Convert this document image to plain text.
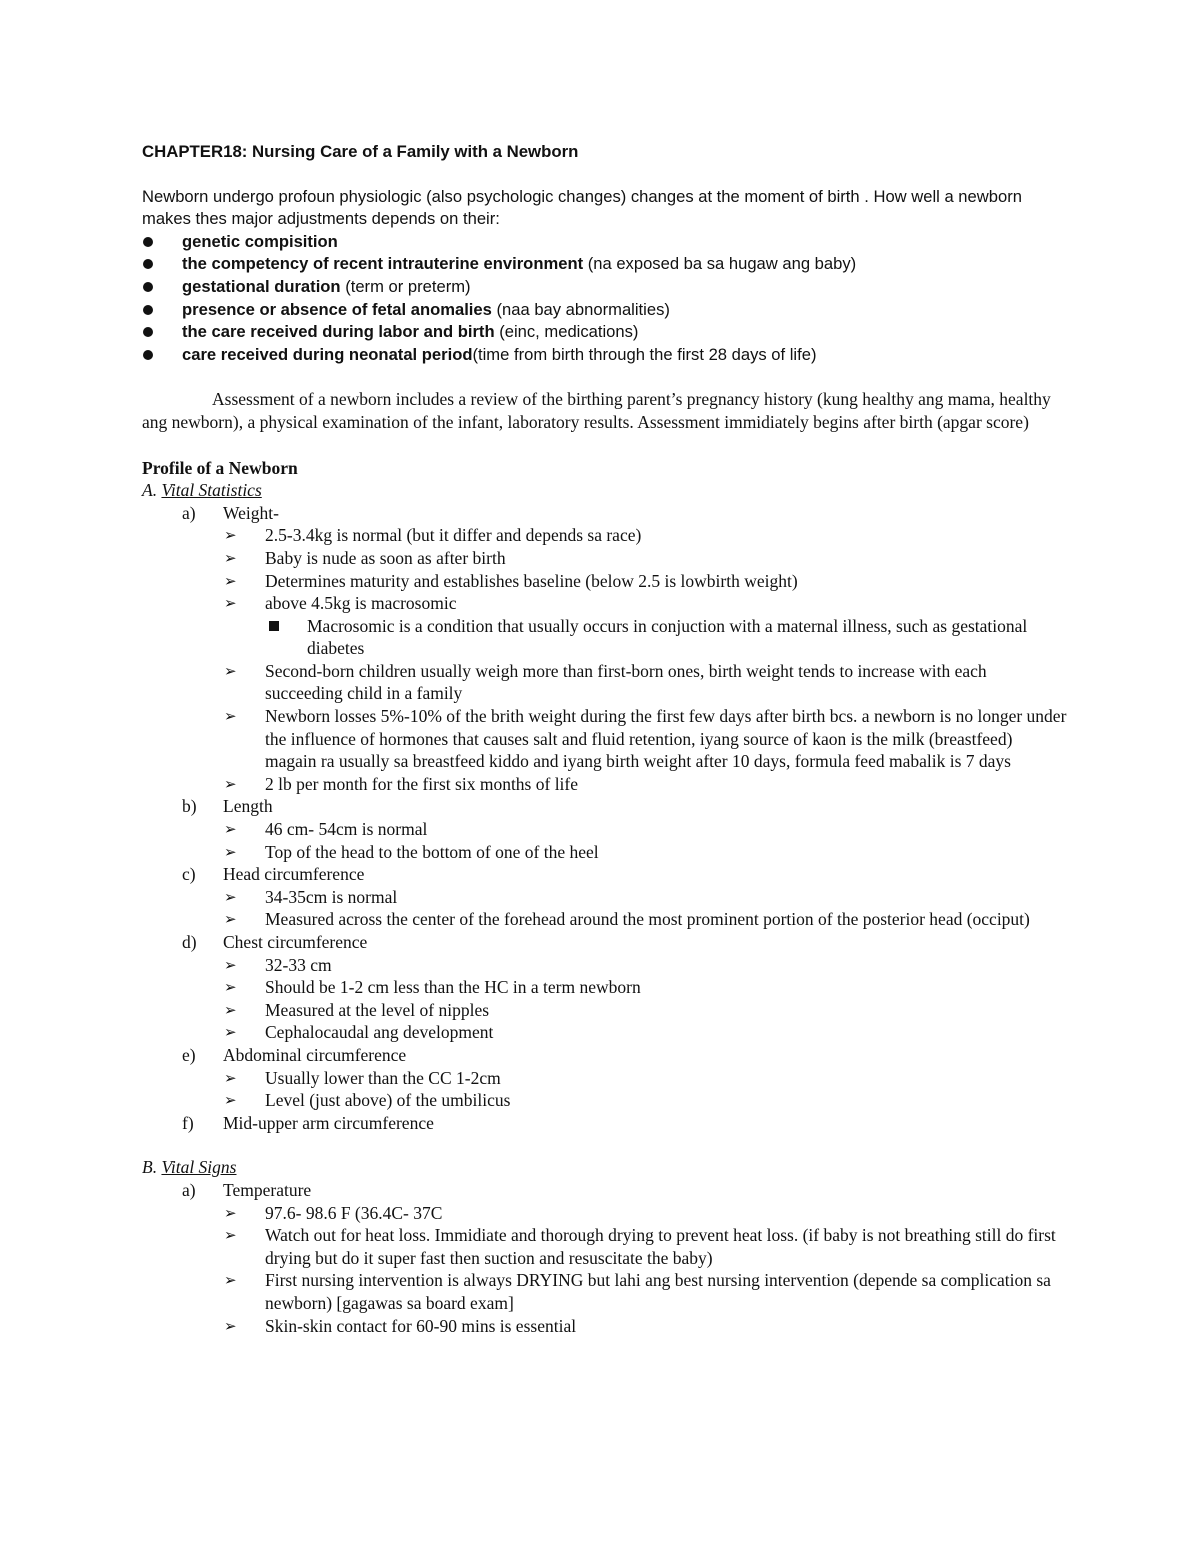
CHAPTER18: Nursing Care of a Family with a Newborn

Newborn undergo profoun physiologic (also psychologic changes) changes at the moment of birth . How well a newborn makes thes major adjustments depends on their:

genetic compisition
the competency of recent intrauterine environment (na exposed ba sa hugaw ang baby)
gestational duration (term or preterm)
presence or absence of fetal anomalies (naa bay abnormalities)
the care received during labor and birth (einc, medications)
care received during neonatal period(time from birth through the first 28 days of life)

Assessment of a newborn includes a review of the birthing parent’s pregnancy history (kung healthy ang mama, healthy ang newborn), a physical examination of the infant, laboratory results. Assessment immidiately begins after birth (apgar score)

Profile of a Newborn
A. Vital Statistics
a) Weight-
➢ 2.5-3.4kg is normal (but it differ and depends sa race)
➢ Baby is nude as soon as after birth
➢ Determines maturity and establishes baseline (below 2.5 is lowbirth weight)
➢ above 4.5kg is macrosomic
Macrosomic is a condition that usually occurs in conjuction with a maternal illness, such as gestational diabetes
➢ Second-born children usually weigh more than first-born ones, birth weight tends to increase with each succeeding child in a family
➢ Newborn losses 5%-10% of the brith weight during the first few days after birth bcs. a newborn is no longer under the influence of hormones that causes salt and fluid retention, iyang source of kaon is the milk (breastfeed) magain ra usually sa breastfeed kiddo and iyang birth weight after 10 days, formula feed mabalik is 7 days
➢ 2 lb per month for the first six months of life
b) Length
➢ 46 cm- 54cm is normal
➢ Top of the head to the bottom of one of the heel
c) Head circumference
➢ 34-35cm is normal
➢ Measured across the center of the forehead around the most prominent portion of the posterior head (occiput)
d) Chest circumference
➢ 32-33 cm
➢ Should be 1-2 cm less than the HC in a term newborn
➢ Measured at the level of nipples
➢ Cephalocaudal ang development
e) Abdominal circumference
➢ Usually lower than the CC 1-2cm
➢ Level (just above) of the umbilicus
f) Mid-upper arm circumference
B. Vital Signs
a) Temperature
➢ 97.6- 98.6 F (36.4C- 37C
➢ Watch out for heat loss. Immidiate and thorough drying to prevent heat loss. (if baby is not breathing still do first drying but do it super fast then suction and resuscitate the baby)
➢ First nursing intervention is always DRYING but lahi ang best nursing intervention (depende sa complication sa newborn) [gagawas sa board exam]
➢ Skin-skin contact for 60-90 mins is essential
